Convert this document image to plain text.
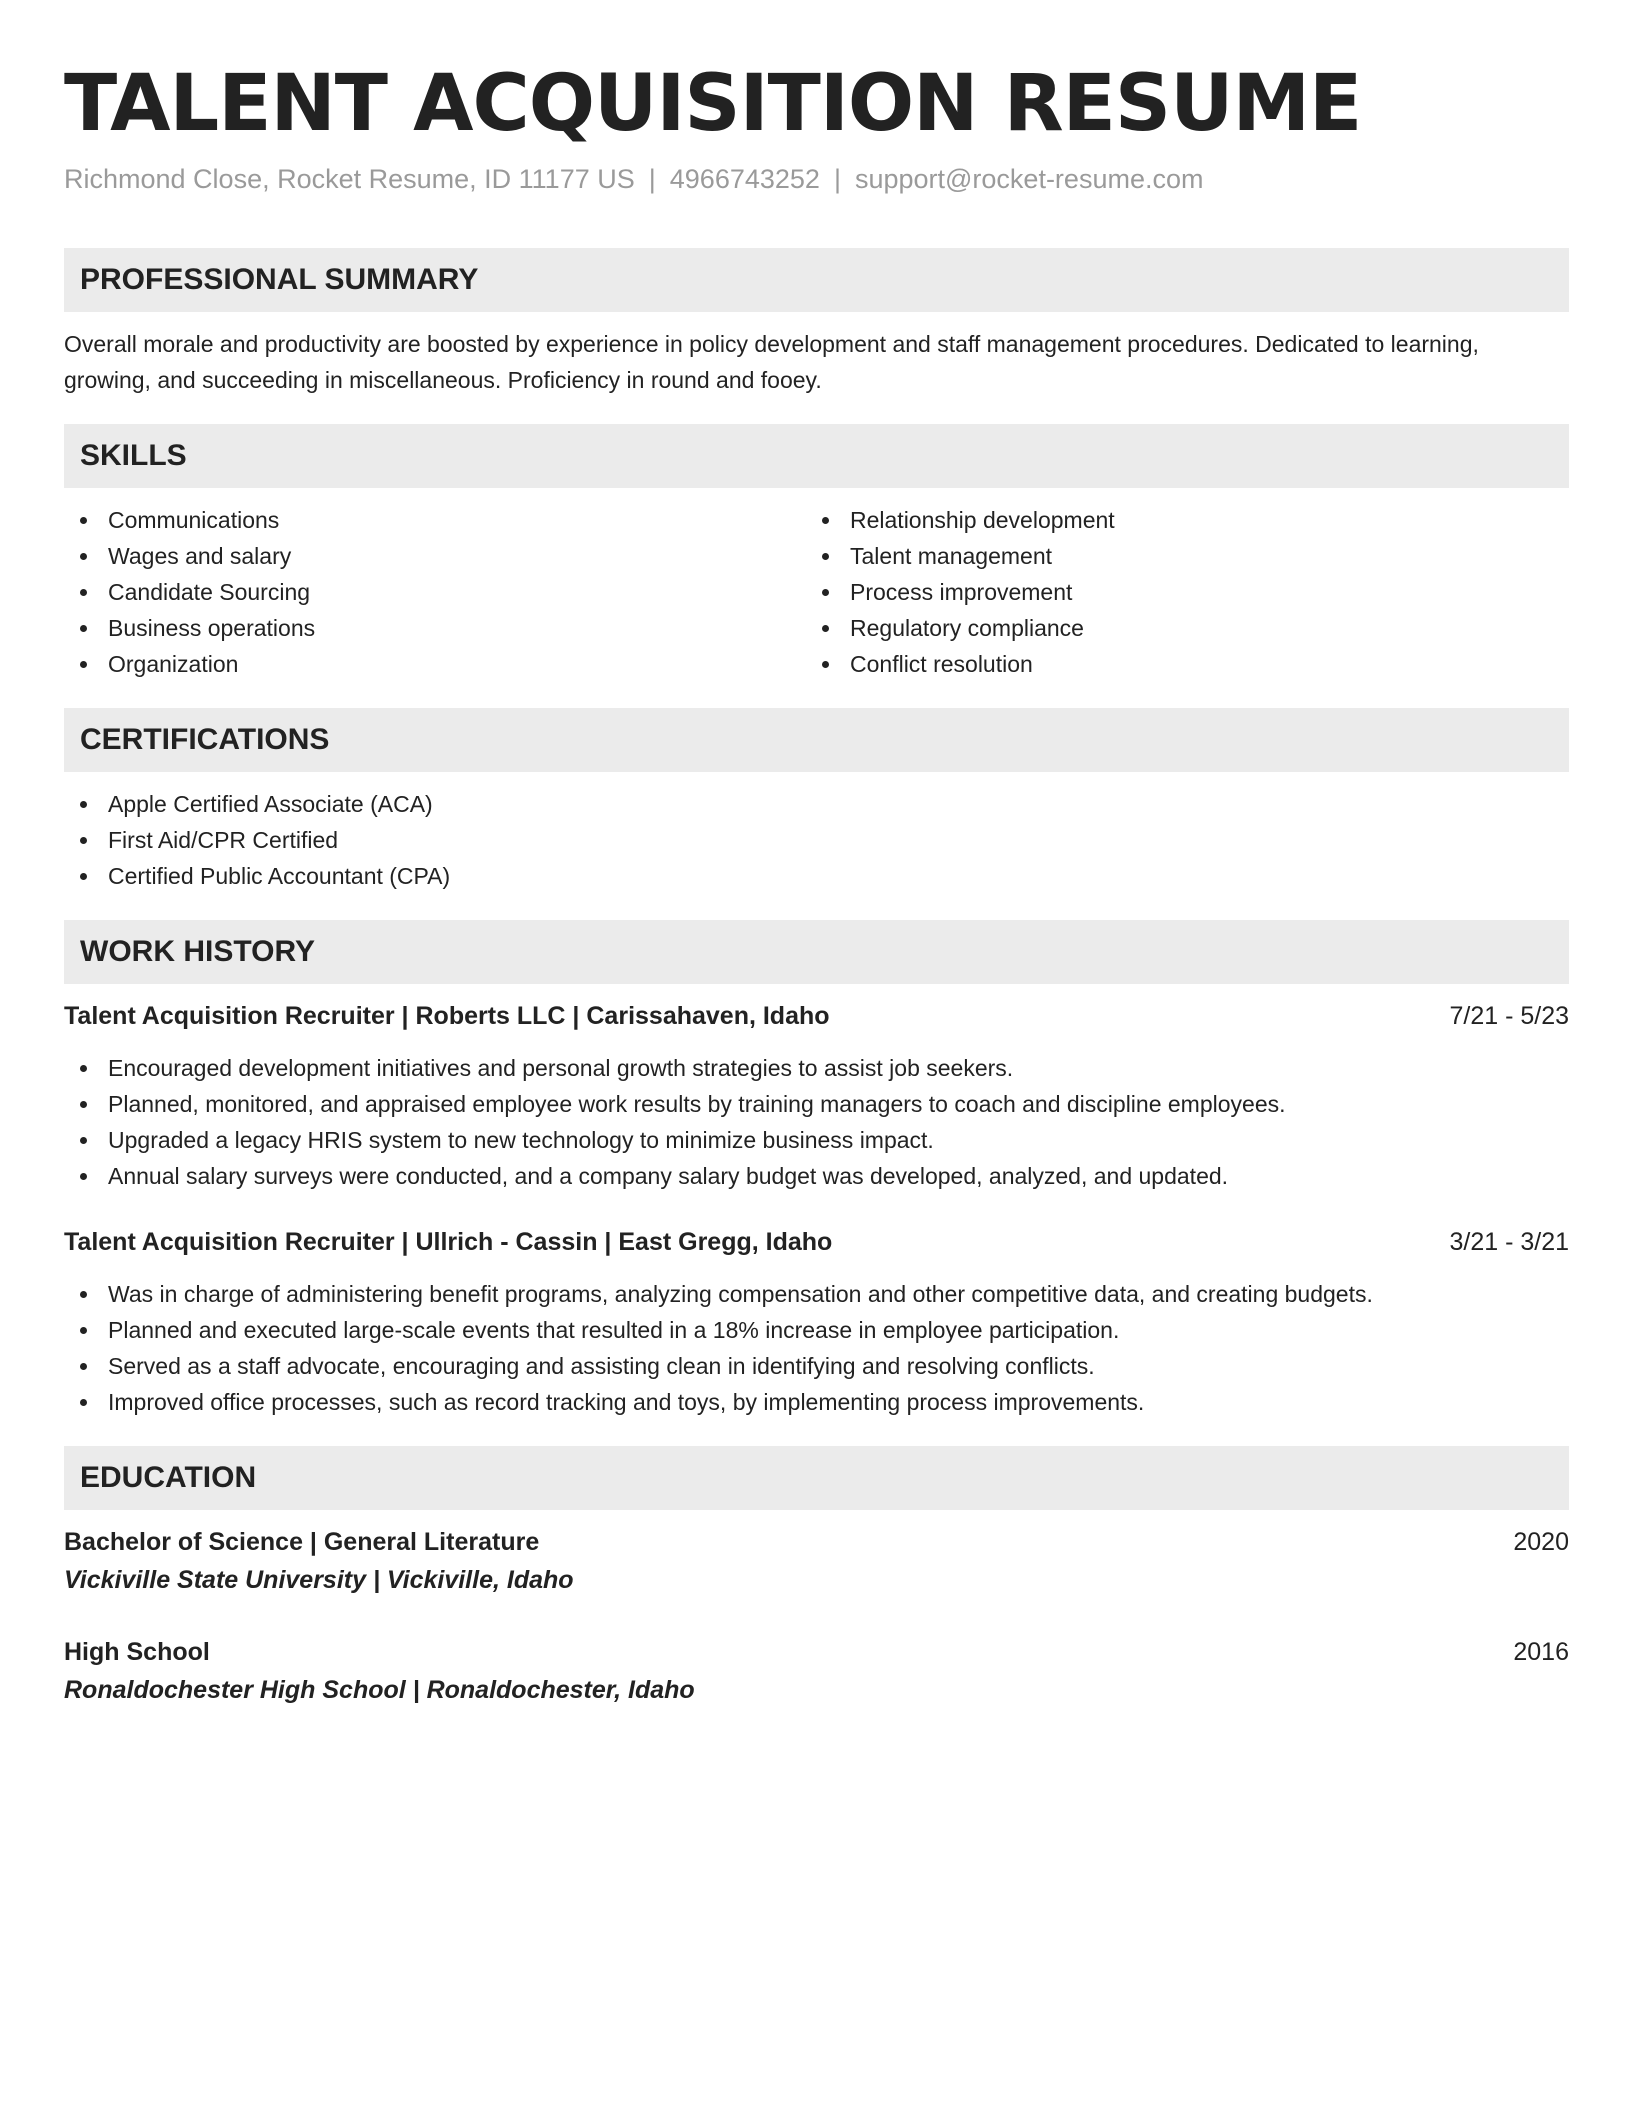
TALENT ACQUISITION RESUME
Richmond Close, Rocket Resume, ID 11177 US | 4966743252 | support@rocket-resume.com
PROFESSIONAL SUMMARY

Overall morale and productivity are boosted by experience in policy development and staff management procedures. Dedicated to learning, growing, and succeeding in miscellaneous. Proficiency in round and fooey.

SKILLS
Communications
Wages and salary
Candidate Sourcing
Business operations
Organization
Relationship development
Talent management
Process improvement
Regulatory compliance
Conflict resolution
CERTIFICATIONS
Apple Certified Associate (ACA)
First Aid/CPR Certified
Certified Public Accountant (CPA)
WORK HISTORY
Talent Acquisition Recruiter | Roberts LLC | Carissahaven, Idaho	7/21 - 5/23
Encouraged development initiatives and personal growth strategies to assist job seekers.
Planned, monitored, and appraised employee work results by training managers to coach and discipline employees.
Upgraded a legacy HRIS system to new technology to minimize business impact.
Annual salary surveys were conducted, and a company salary budget was developed, analyzed, and updated.
Talent Acquisition Recruiter | Ullrich - Cassin | East Gregg, Idaho	3/21 - 3/21
Was in charge of administering benefit programs, analyzing compensation and other competitive data, and creating budgets.
Planned and executed large-scale events that resulted in a 18% increase in employee participation.
Served as a staff advocate, encouraging and assisting clean in identifying and resolving conflicts.
Improved office processes, such as record tracking and toys, by implementing process improvements.
EDUCATION
Bachelor of Science | General Literature	2020
Vickiville State University | Vickiville, Idaho
High School	2016
Ronaldochester High School | Ronaldochester, Idaho
